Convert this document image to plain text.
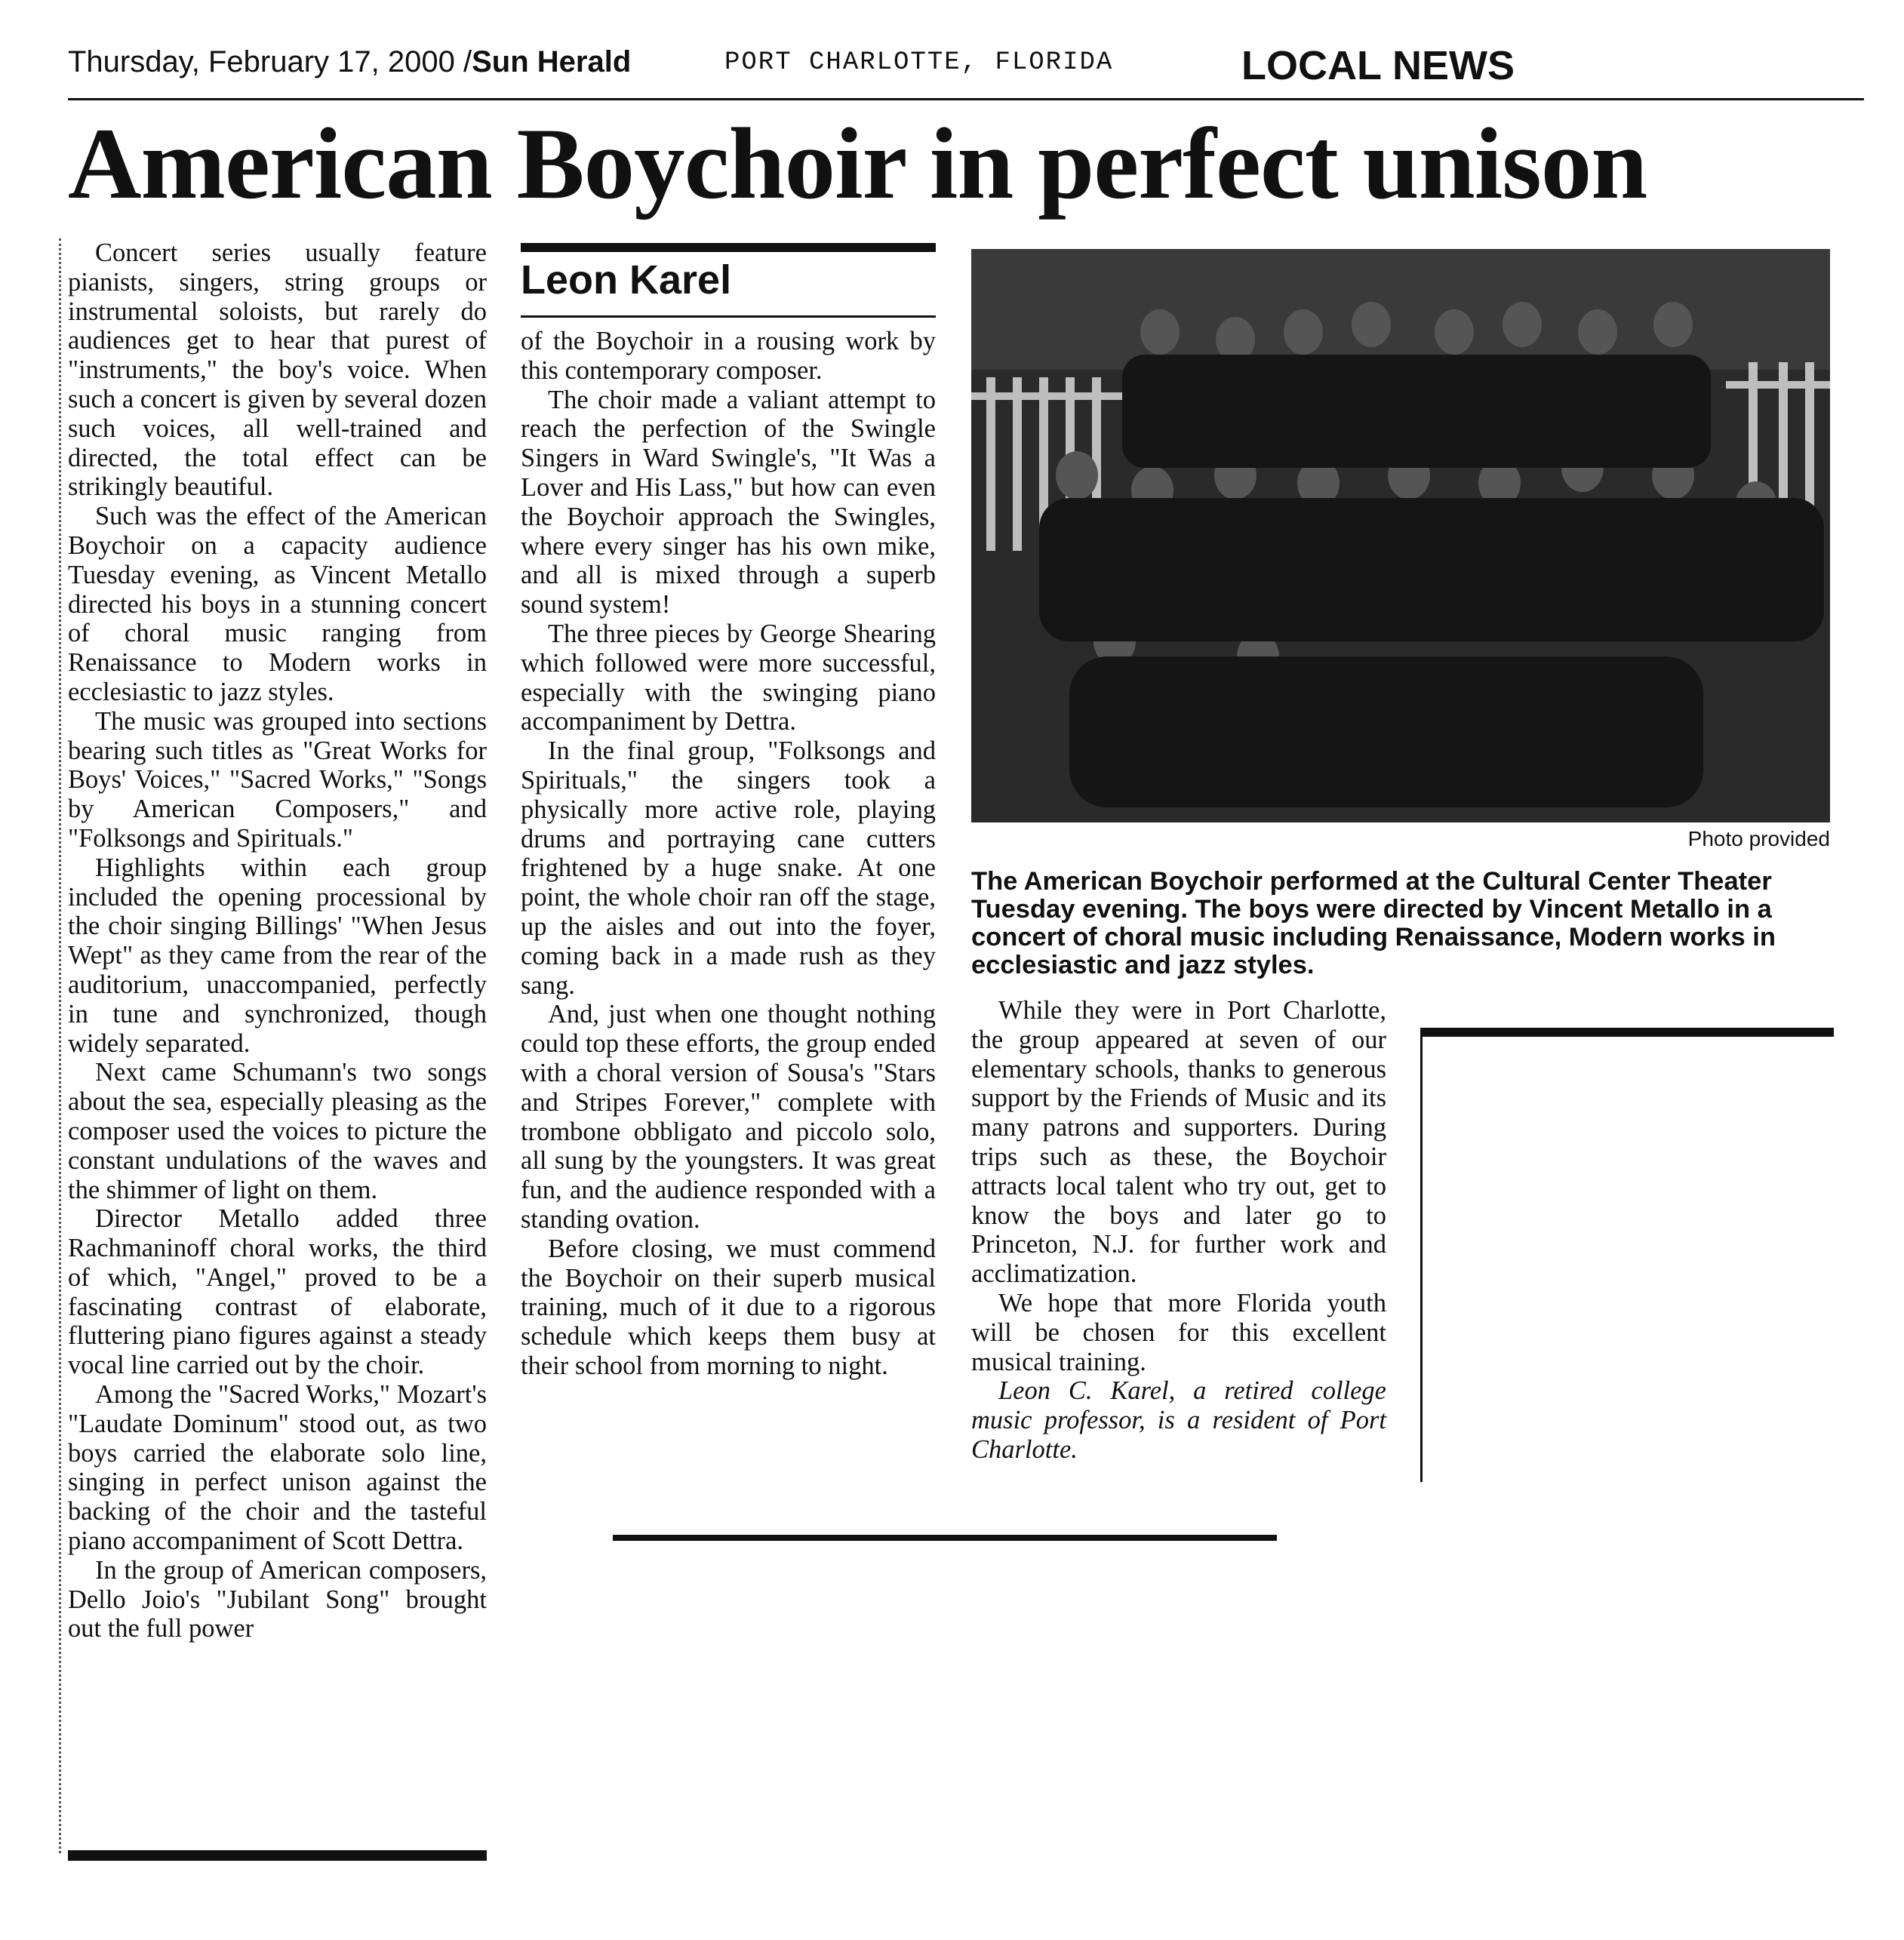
Thursday, February 17, 2000 /Sun Herald	PORT CHARLOTTE, FLORIDA	LOCAL NEWS
American Boychoir in perfect unison

Concert series usually feature pianists, singers, string groups or instrumental soloists, but rarely do audiences get to hear that purest of "instruments," the boy's voice. When such a concert is given by several dozen such voices, all well-trained and directed, the total effect can be strikingly beautiful.

Such was the effect of the American Boychoir on a capacity audience Tuesday evening, as Vincent Metallo directed his boys in a stunning concert of choral music ranging from Renaissance to Modern works in ecclesiastic to jazz styles.

The music was grouped into sections bearing such titles as "Great Works for Boys' Voices," "Sacred Works," "Songs by American Composers," and "Folksongs and Spirituals."

Highlights within each group included the opening processional by the choir singing Billings' "When Jesus Wept" as they came from the rear of the auditorium, unaccompanied, perfectly in tune and synchronized, though widely separated.

Next came Schumann's two songs about the sea, especially pleasing as the composer used the voices to picture the constant undulations of the waves and the shimmer of light on them.

Director Metallo added three Rachmaninoff choral works, the third of which, "Angel," proved to be a fascinating contrast of elaborate, fluttering piano figures against a steady vocal line carried out by the choir.

Among the "Sacred Works," Mozart's "Laudate Dominum" stood out, as two boys carried the elaborate solo line, singing in perfect unison against the backing of the choir and the tasteful piano accompaniment of Scott Dettra.

In the group of American composers, Dello Joio's "Jubilant Song" brought out the full power

Leon Karel

of the Boychoir in a rousing work by this contemporary composer.

The choir made a valiant attempt to reach the perfection of the Swingle Singers in Ward Swingle's, "It Was a Lover and His Lass," but how can even the Boychoir approach the Swingles, where every singer has his own mike, and all is mixed through a superb sound system!

The three pieces by George Shearing which followed were more successful, especially with the swinging piano accompaniment by Dettra.

In the final group, "Folksongs and Spirituals," the singers took a physically more active role, playing drums and portraying cane cutters frightened by a huge snake. At one point, the whole choir ran off the stage, up the aisles and out into the foyer, coming back in a made rush as they sang.

And, just when one thought nothing could top these efforts, the group ended with a choral version of Sousa's "Stars and Stripes Forever," complete with trombone obbligato and piccolo solo, all sung by the youngsters. It was great fun, and the audience responded with a standing ovation.

Before closing, we must commend the Boychoir on their superb musical training, much of it due to a rigorous schedule which keeps them busy at their school from morning to night.

Photo provided
The American Boychoir performed at the Cultural Center Theater Tuesday evening. The boys were directed by Vincent Metallo in a concert of choral music including Renaissance, Modern works in ecclesiastic and jazz styles.

While they were in Port Charlotte, the group appeared at seven of our elementary schools, thanks to generous support by the Friends of Music and its many patrons and supporters. During trips such as these, the Boychoir attracts local talent who try out, get to know the boys and later go to Princeton, N.J. for further work and acclimatization.

We hope that more Florida youth will be chosen for this excellent musical training.

Leon C. Karel, a retired college music professor, is a resident of Port Charlotte.
